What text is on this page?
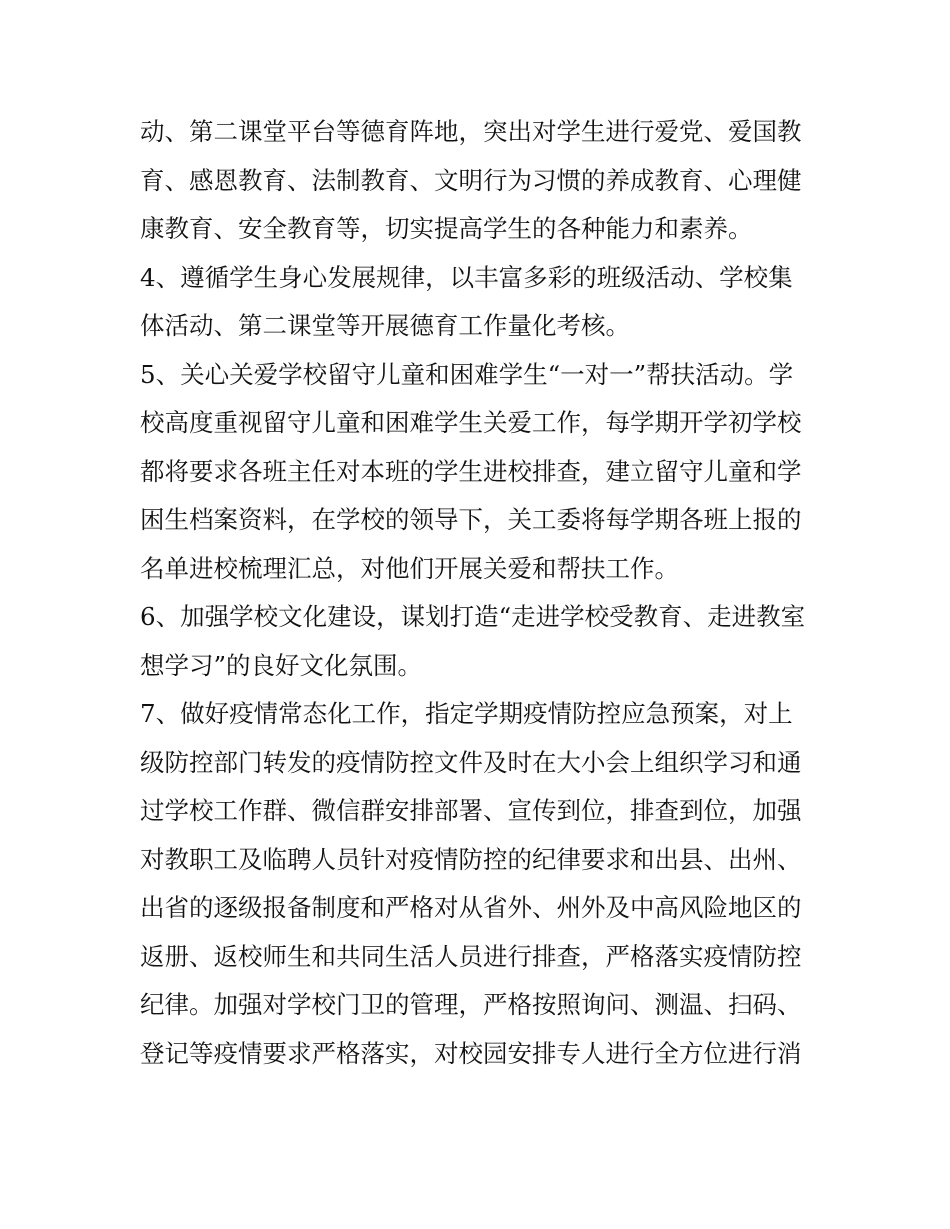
动、第二课堂平台等德育阵地，突出对学生进行爱党、爱国教
育、感恩教育、法制教育、文明行为习惯的养成教育、心理健
康教育、安全教育等，切实提高学生的各种能力和素养。
4、遵循学生身心发展规律，以丰富多彩的班级活动、学校集
体活动、第二课堂等开展德育工作量化考核。
5、关心关爱学校留守儿童和困难学生“一对一”帮扶活动。学
校高度重视留守儿童和困难学生关爱工作，每学期开学初学校
都将要求各班主任对本班的学生进校排查，建立留守儿童和学
困生档案资料，在学校的领导下，关工委将每学期各班上报的
名单进校梳理汇总，对他们开展关爱和帮扶工作。
6、加强学校文化建设，谋划打造“走进学校受教育、走进教室
想学习”的良好文化氛围。
7、做好疫情常态化工作，指定学期疫情防控应急预案，对上
级防控部门转发的疫情防控文件及时在大小会上组织学习和通
过学校工作群、微信群安排部署、宣传到位，排查到位，加强
对教职工及临聘人员针对疫情防控的纪律要求和出县、出州、
出省的逐级报备制度和严格对从省外、州外及中高风险地区的
返册、返校师生和共同生活人员进行排查，严格落实疫情防控
纪律。加强对学校门卫的管理，严格按照询问、测温、扫码、
登记等疫情要求严格落实，对校园安排专人进行全方位进行消
